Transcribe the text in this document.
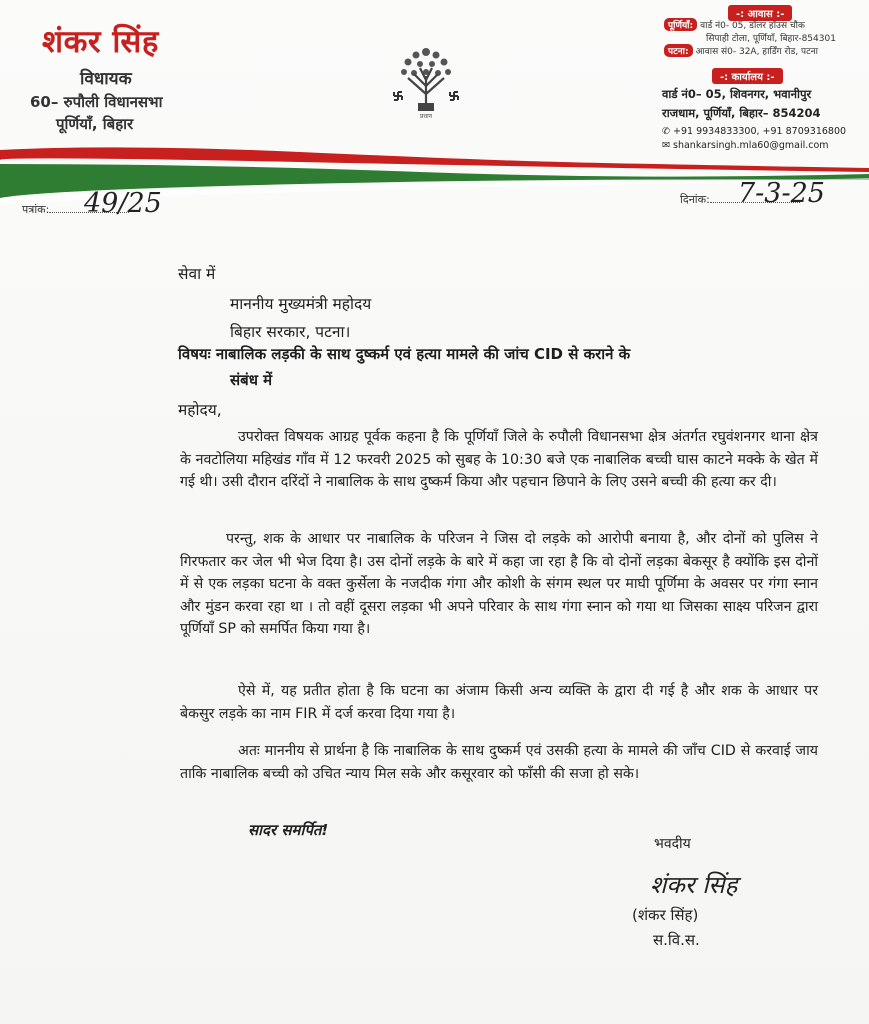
शंकर सिंह
विधायक
60– रुपौली विधानसभा
पूर्णियाँ, बिहार	प्रधान
-: आवास :-
पूर्णियाँ: वार्ड नं0- 05, डॉलर हॉउस चौक
सिपाही टोला, पूर्णियाँ, बिहार-854301
पटना: आवास सं0- 32A, हार्डिंग रोड, पटना
-: कार्यालय :-
वार्ड नं0– 05, शिवनगर, भवानीपुर
राजधाम, पूर्णियाँ, बिहार– 854204
✆ +91 9934833300, +91 8709316800
✉ shankarsingh.mla60@gmail.com
पत्रांक:	49/25	दिनांक:	7-3-25
सेवा में
माननीय मुख्यमंत्री महोदय
बिहार सरकार, पटना।
विषयः नाबालिक लड़की के साथ दुष्कर्म एवं हत्या मामले की जांच CID से कराने के
संबंध में
महोदय,
उपरोक्त विषयक आग्रह पूर्वक कहना है कि पूर्णियाँ जिले के रुपौली विधानसभा क्षेत्र अंतर्गत रघुवंशनगर थाना क्षेत्र के नवटोलिया महिखंड गाँव में 12 फरवरी 2025 को सुबह के 10:30 बजे एक नाबालिक बच्ची घास काटने मक्के के खेत में गई थी। उसी दौरान दरिंदों ने नाबालिक के साथ दुष्कर्म किया और पहचान छिपाने के लिए उसने बच्ची की हत्या कर दी।
परन्तु, शक के आधार पर नाबालिक के परिजन ने जिस दो लड़के को आरोपी बनाया है, और दोनों को पुलिस ने गिरफतार कर जेल भी भेज दिया है। उस दोनों लड़के के बारे में कहा जा रहा है कि वो दोनों लड़का बेकसूर है क्योंकि इस दोनों में से एक लड़का घटना के वक्त कुर्सेला के नजदीक गंगा और कोशी के संगम स्थल पर माघी पूर्णिमा के अवसर पर गंगा स्नान और मुंडन करवा रहा था । तो वहीं दूसरा लड़का भी अपने परिवार के साथ गंगा स्नान को गया था जिसका साक्ष्य परिजन द्वारा पूर्णियाँ SP को समर्पित किया गया है।
ऐसे में, यह प्रतीत होता है कि घटना का अंजाम किसी अन्य व्यक्ति के द्वारा दी गई है और शक के आधार पर बेकसुर लड़के का नाम FIR में दर्ज करवा दिया गया है।
अतः माननीय से प्रार्थना है कि नाबालिक के साथ दुष्कर्म एवं उसकी हत्या के मामले की जाँच CID से करवाई जाय ताकि नाबालिक बच्ची को उचित न्याय मिल सके और कसूरवार को फाँसी की सजा हो सके।
सादर समर्पित!
भवदीय
शंकर सिंह
(शंकर सिंह)
स.वि.स.
